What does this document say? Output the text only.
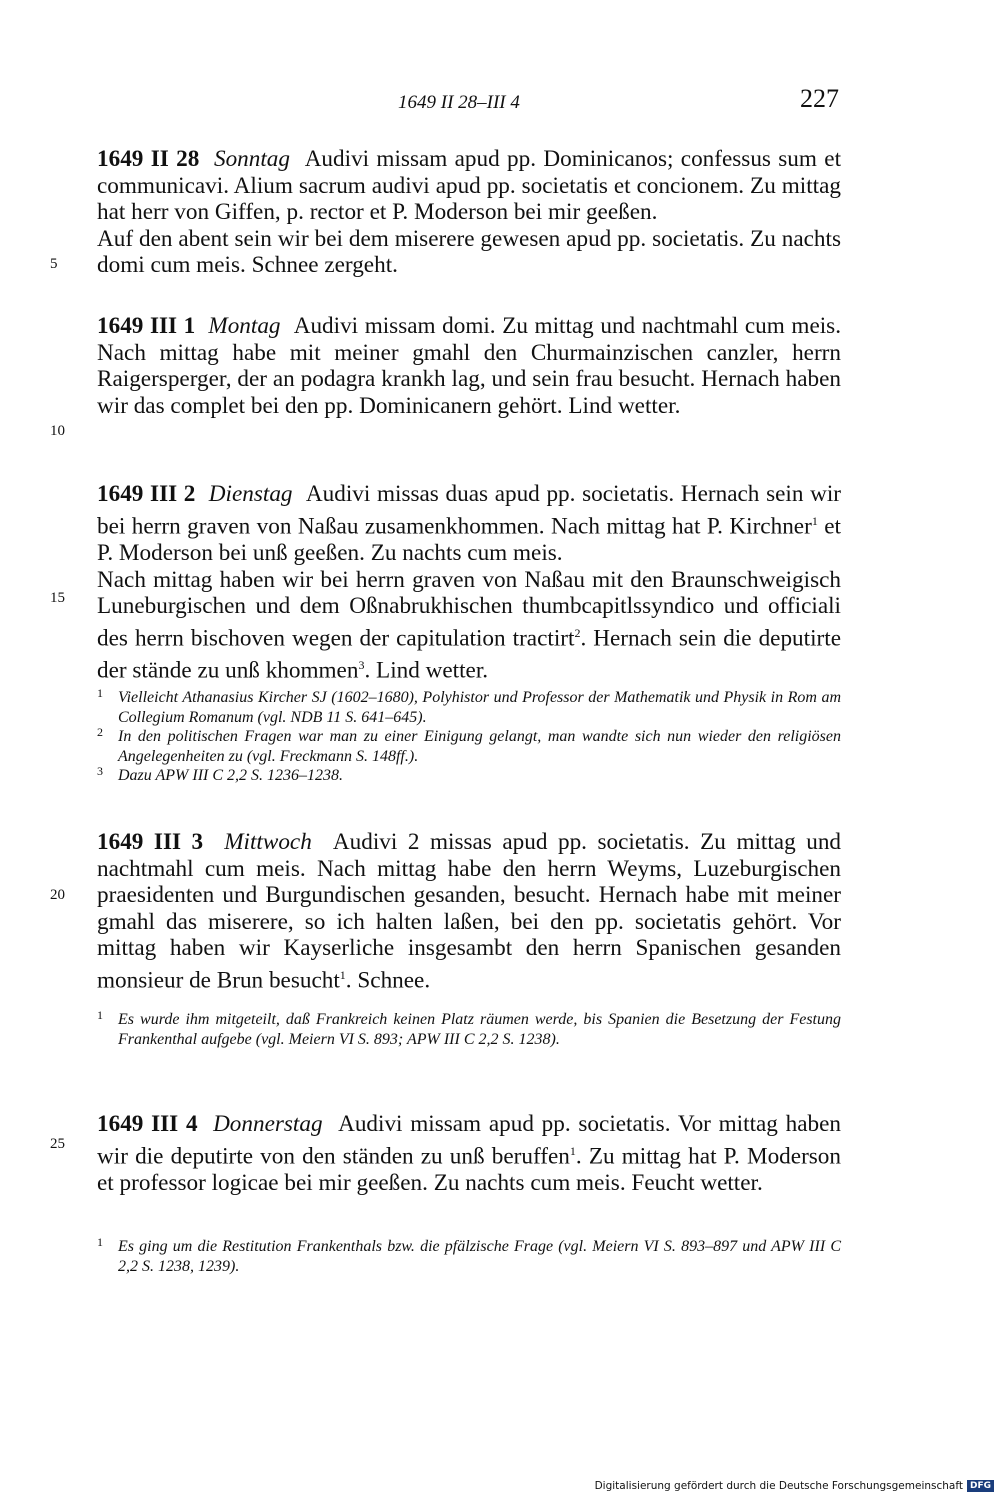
1649 II 28–III 4	227
5
10
15
20
25
1649 II 28 Sonntag Audivi missam apud pp. Dominicanos; confessus sum et communicavi. Alium sacrum audivi apud pp. societatis et concionem. Zu mittag hat herr von Giffen, p. rector et P. Moderson bei mir geeßen.
Auf den abent sein wir bei dem miserere gewesen apud pp. societatis. Zu nachts domi cum meis. Schnee zergeht.
1649 III 1 Montag Audivi missam domi. Zu mittag und nachtmahl cum meis. Nach mittag habe mit meiner gmahl den Churmainzischen canzler, herrn Raigersperger, der an podagra krankh lag, und sein frau besucht. Hernach haben wir das complet bei den pp. Dominicanern gehört. Lind wetter.
1649 III 2 Dienstag Audivi missas duas apud pp. societatis. Hernach sein wir bei herrn graven von Naßau zusamenkhommen. Nach mittag hat P. Kirchner$^1$ et P. Moderson bei unß geeßen. Zu nachts cum meis.
Nach mittag haben wir bei herrn graven von Naßau mit den Braunschweigisch Luneburgischen und dem Oßnabrukhischen thumbcapitlssyndico und officiali des herrn bischoven wegen der capitulation tractirt$^2$. Hernach sein die deputirte der stände zu unß khommen$^3$. Lind wetter.
1 Vielleicht Athanasius Kircher SJ (1602–1680), Polyhistor und Professor der Mathematik und Physik in Rom am Collegium Romanum (vgl. NDB 11 S. 641–645).
2 In den politischen Fragen war man zu einer Einigung gelangt, man wandte sich nun wieder den religiösen Angelegenheiten zu (vgl. Freckmann S. 148ff.).
3 Dazu APW III C 2,2 S. 1236–1238.
1649 III 3 Mittwoch Audivi 2 missas apud pp. societatis. Zu mittag und nachtmahl cum meis. Nach mittag habe den herrn Weyms, Luzeburgischen praesidenten und Burgundischen gesanden, besucht. Hernach habe mit meiner gmahl das miserere, so ich halten laßen, bei den pp. societatis gehört. Vor mittag haben wir Kayserliche insgesambt den herrn Spanischen gesanden monsieur de Brun besucht$^1$. Schnee.
1 Es wurde ihm mitgeteilt, daß Frankreich keinen Platz räumen werde, bis Spanien die Besetzung der Festung Frankenthal aufgebe (vgl. Meiern VI S. 893; APW III C 2,2 S. 1238).
1649 III 4 Donnerstag Audivi missam apud pp. societatis. Vor mittag haben wir die deputirte von den ständen zu unß beruffen$^1$. Zu mittag hat P. Moderson et professor logicae bei mir geeßen. Zu nachts cum meis. Feucht wetter.
1 Es ging um die Restitution Frankenthals bzw. die pfälzische Frage (vgl. Meiern VI S. 893–897 und APW III C 2,2 S. 1238, 1239).
Digitalisierung gefördert durch die Deutsche Forschungsgemeinschaft DFG
